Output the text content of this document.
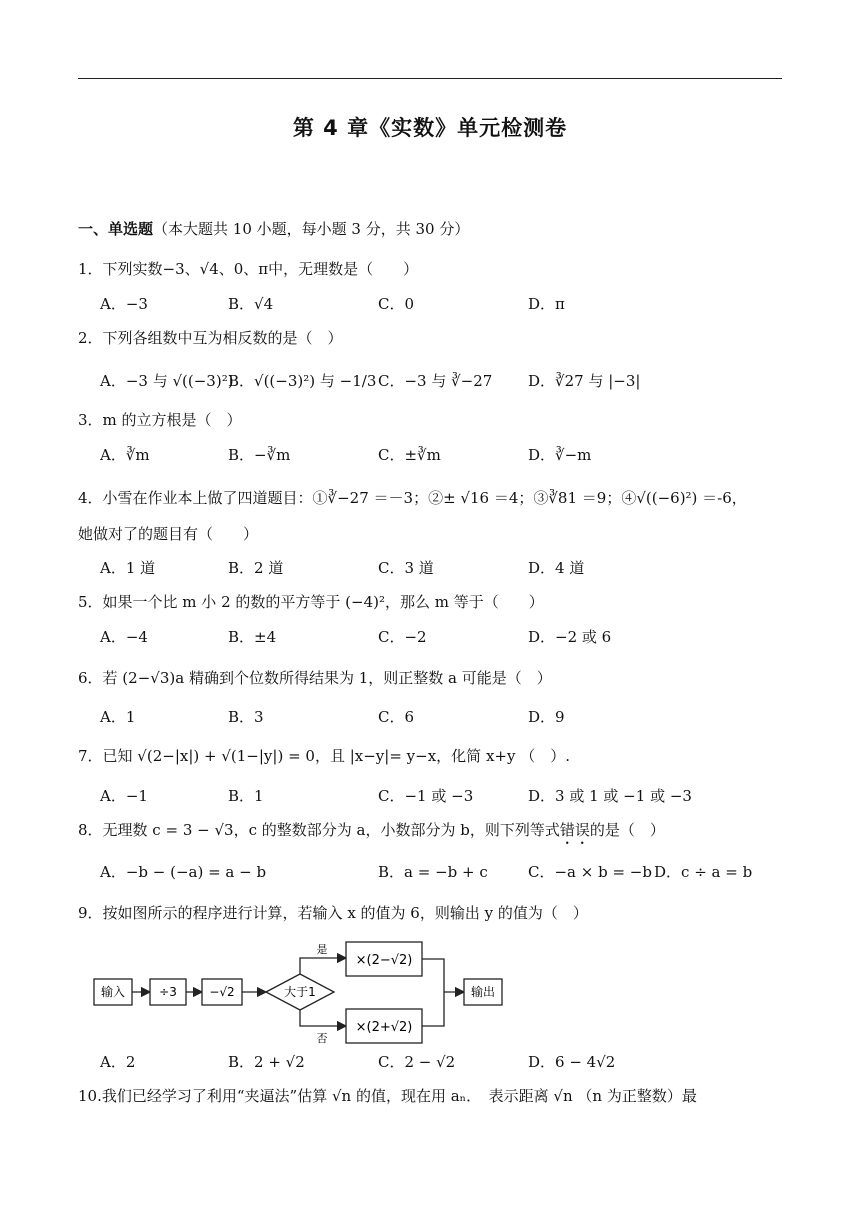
第 4 章《实数》单元检测卷
一、单选题（本大题共 10 小题，每小题 3 分，共 30 分）
1．下列实数−3、√4、0、π中，无理数是（　　）
A．−3	B．√4	C．0	D．π
2．下列各组数中互为相反数的是（　）
A．−3 与 √((−3)²)
B．√((−3)²) 与 −1/3 C．−3 与 ∛−27 D．∛27 与 |−3|
3．m 的立方根是（　）
A．∛m	B．−∛m	C．±∛m	D．∛−m
4．小雪在作业本上做了四道题目：①∛−27 ＝－3；②± √16 ＝4；③∛81 ＝9；④√((−6)²) ＝-6，
她做对了的题目有（　　）
A．1 道	B．2 道	C．3 道	D．4 道
5．如果一个比 m 小 2 的数的平方等于 (−4)²，那么 m 等于（　　）
A．−4	B．±4	C．−2	D．−2 或 6
6．若 (2−√3)a 精确到个位数所得结果为 1，则正整数 a 可能是（　）
A．1	B．3	C．6	D．9
7．已知 √(2−|x|) + √(1−|y|) = 0，且 |x−y|= y−x，化简 x+y （　）.
A．−1	B．1	C．−1 或 −3	D．3 或 1 或 −1 或 −3
8．无理数 c = 3 − √3，c 的整数部分为 a，小数部分为 b，则下列等式错误的是（　）
A．−b − (−a) = a − b	B．a = −b + c	C．−a × b = −b D．c ÷ a = b
9．按如图所示的程序进行计算，若输入 x 的值为 6，则输出 y 的值为（　）
输入	÷3	−√2	大于1
是
×(2−√2)
否
×(2+√2)
输出
A．2	B．2 + √2	C．2 − √2	D．6 − 4√2
10.我们已经学习了利用“夹逼法”估算 √n 的值，现在用 aₙ．　表示距离 √n （n 为正整数）最
